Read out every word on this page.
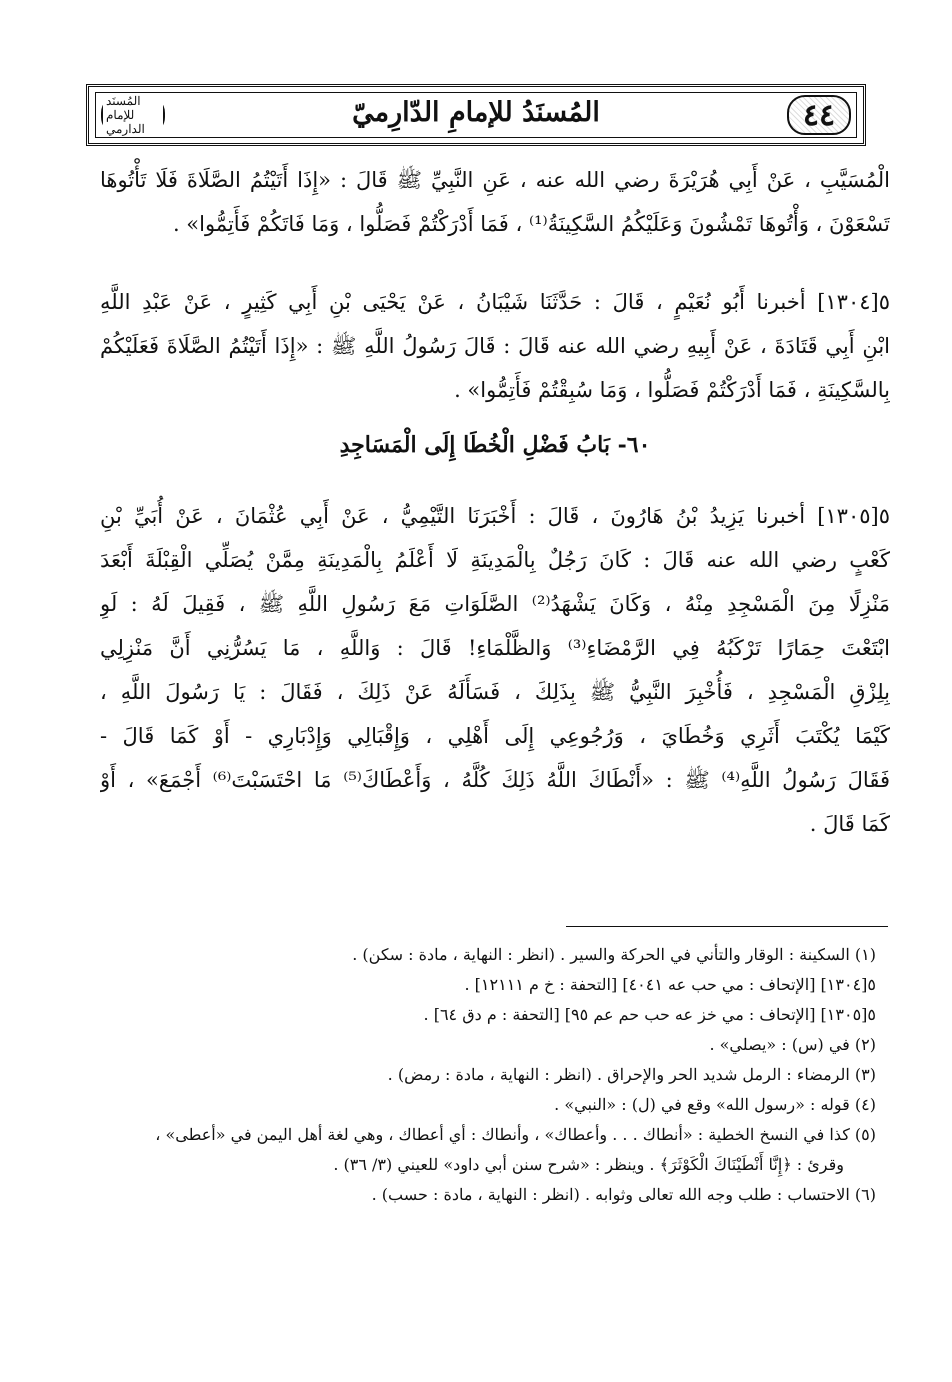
المُسنَد للإمام الدارمي
المُسنَدُ للإمامِ الدّارِميّ	٤٤
الْمُسَيَّبِ ، عَنْ أَبِي هُرَيْرَةَ رضي الله عنه ، عَنِ النَّبِيِّ ﷺ قَالَ : «إِذَا أَتَيْتُمُ الصَّلَاةَ فَلَا تَأْتُوهَا
تَسْعَوْنَ ، وَأْتُوهَا تَمْشُونَ وَعَلَيْكُمُ السَّكِينَةُ⁽¹⁾ ، فَمَا أَدْرَكْتُمْ فَصَلُّوا ، وَمَا فَاتَكُمْ فَأَتِمُّوا» .
٥[١٣٠٤] أخبرنا أَبُو نُعَيْمٍ ، قَالَ : حَدَّثَنَا شَيْبَانُ ، عَنْ يَحْيَى بْنِ أَبِي كَثِيرٍ ، عَنْ عَبْدِ اللَّهِ
ابْنِ أَبِي قَتَادَةَ ، عَنْ أَبِيهِ رضي الله عنه قَالَ : قَالَ رَسُولُ اللَّهِ ﷺ : «إِذَا أَتَيْتُمُ الصَّلَاةَ فَعَلَيْكُمْ
بِالسَّكِينَةِ ، فَمَا أَدْرَكْتُمْ فَصَلُّوا ، وَمَا سُبِقْتُمْ فَأَتِمُّوا» .
٦٠- بَابُ فَضْلِ الْخُطَا إِلَى الْمَسَاجِدِ
٥[١٣٠٥] أخبرنا يَزِيدُ بْنُ هَارُونَ ، قَالَ : أَخْبَرَنَا التَّيْمِيُّ ، عَنْ أَبِي عُثْمَانَ ، عَنْ أُبَيِّ بْنِ
كَعْبٍ رضي الله عنه قَالَ : كَانَ رَجُلٌ بِالْمَدِينَةِ لَا أَعْلَمُ بِالْمَدِينَةِ مِمَّنْ يُصَلِّي الْقِبْلَةَ أَبْعَدَ
مَنْزِلًا مِنَ الْمَسْجِدِ مِنْهُ ، وَكَانَ يَشْهَدُ⁽²⁾ الصَّلَوَاتِ مَعَ رَسُولِ اللَّهِ ﷺ ، فَقِيلَ لَهُ : لَوِ
ابْتَعْتَ حِمَارًا تَرْكَبُهُ فِي الرَّمْضَاءِ⁽³⁾ وَالظَّلْمَاءِ! قَالَ : وَاللَّهِ ، مَا يَسُرُّنِي أَنَّ مَنْزِلِي
بِلِزْقِ الْمَسْجِدِ ، فَأُخْبِرَ النَّبِيُّ ﷺ بِذَلِكَ ، فَسَأَلَهُ عَنْ ذَلِكَ ، فَقَالَ : يَا رَسُولَ اللَّهِ ،
كَيْمَا يُكْتَبَ أَثَرِي وَخُطَايَ ، وَرُجُوعِي إِلَى أَهْلِي ، وَإِقْبَالِي وَإِدْبَارِي - أَوْ كَمَا قَالَ -
فَقَالَ رَسُولُ اللَّهِ⁽⁴⁾ ﷺ : «أَنْطَاكَ اللَّهُ ذَلِكَ كُلَّهُ ، وَأَعْطَاكَ⁽⁵⁾ مَا احْتَسَبْتَ⁽⁶⁾ أَجْمَعَ» ، أَوْ
كَمَا قَالَ .
(١) السكينة : الوقار والتأني في الحركة والسير . (انظر : النهاية ، مادة : سكن) .
٥[١٣٠٤] [الإتحاف : مي حب عه ٤٠٤١] [التحفة : خ م ١٢١١١] .
٥[١٣٠٥] [الإتحاف : مي خز عه حب حم عم ٩٥] [التحفة : م دق ٦٤] .
(٢) في (س) : «يصلي» .
(٣) الرمضاء : الرمل شديد الحر والإحراق . (انظر : النهاية ، مادة : رمض) .
(٤) قوله : «رسول الله» وقع في (ل) : «النبي» .
(٥) كذا في النسخ الخطية : «أنطاك . . . وأعطاك» ، وأنطاك : أي أعطاك ، وهي لغة أهل اليمن في «أعطى» ،
وقرئ : ﴿إِنَّا أَنْطَيْنَاكَ الْكَوْثَرَ﴾ . وينظر : «شرح سنن أبي داود» للعيني (٣/ ٣٦) .
(٦) الاحتساب : طلب وجه الله تعالى وثوابه . (انظر : النهاية ، مادة : حسب) .
